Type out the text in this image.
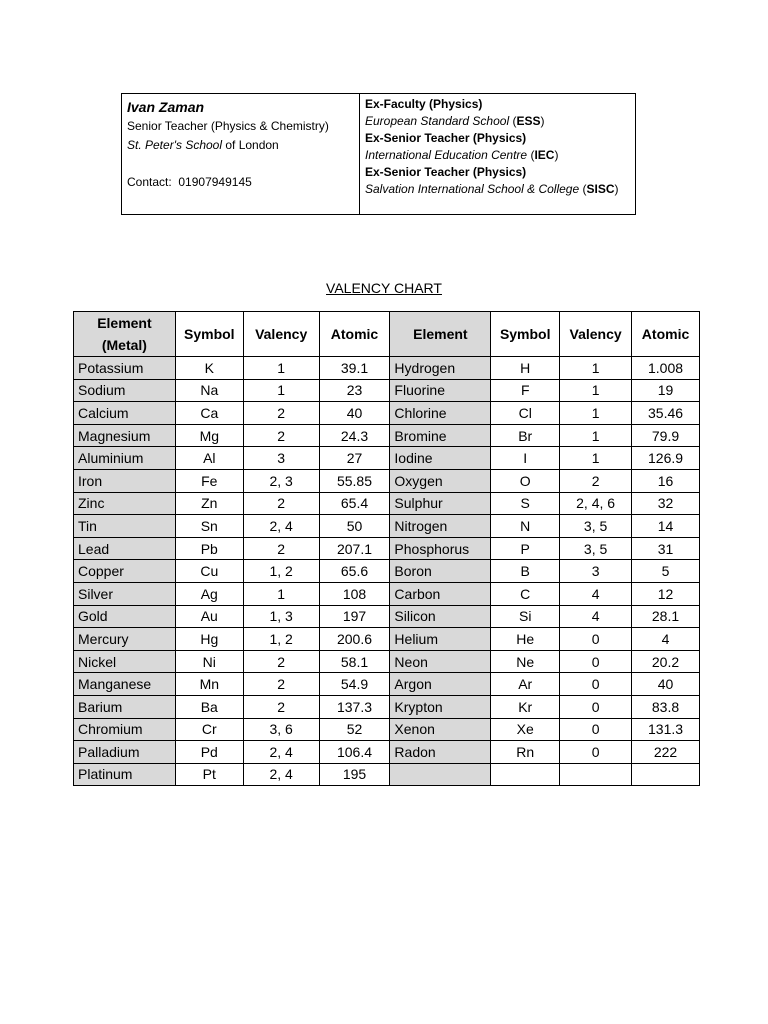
Ivan Zaman
Senior Teacher (Physics & Chemistry)
St. Peter's School of London
Contact: 01907949145
Ex-Faculty (Physics)
European Standard School (ESS)
Ex-Senior Teacher (Physics)
International Education Centre (IEC)
Ex-Senior Teacher (Physics)
Salvation International School & College (SISC)
VALENCY CHART
Element (Metal)	Symbol	Valency	Atomic	Element	Symbol	Valency	Atomic
Potassium	K	1	39.1	Hydrogen	H	1	1.008
Sodium	Na	1	23	Fluorine	F	1	19
Calcium	Ca	2	40	Chlorine	Cl	1	35.46
Magnesium	Mg	2	24.3	Bromine	Br	1	79.9
Aluminium	Al	3	27	Iodine	I	1	126.9
Iron	Fe	2, 3	55.85	Oxygen	O	2	16
Zinc	Zn	2	65.4	Sulphur	S	2, 4, 6	32
Tin	Sn	2, 4	50	Nitrogen	N	3, 5	14
Lead	Pb	2	207.1	Phosphorus	P	3, 5	31
Copper	Cu	1, 2	65.6	Boron	B	3	5
Silver	Ag	1	108	Carbon	C	4	12
Gold	Au	1, 3	197	Silicon	Si	4	28.1
Mercury	Hg	1, 2	200.6	Helium	He	0	4
Nickel	Ni	2	58.1	Neon	Ne	0	20.2
Manganese	Mn	2	54.9	Argon	Ar	0	40
Barium	Ba	2	137.3	Krypton	Kr	0	83.8
Chromium	Cr	3, 6	52	Xenon	Xe	0	131.3
Palladium	Pd	2, 4	106.4	Radon	Rn	0	222
Platinum	Pt	2, 4	195				
